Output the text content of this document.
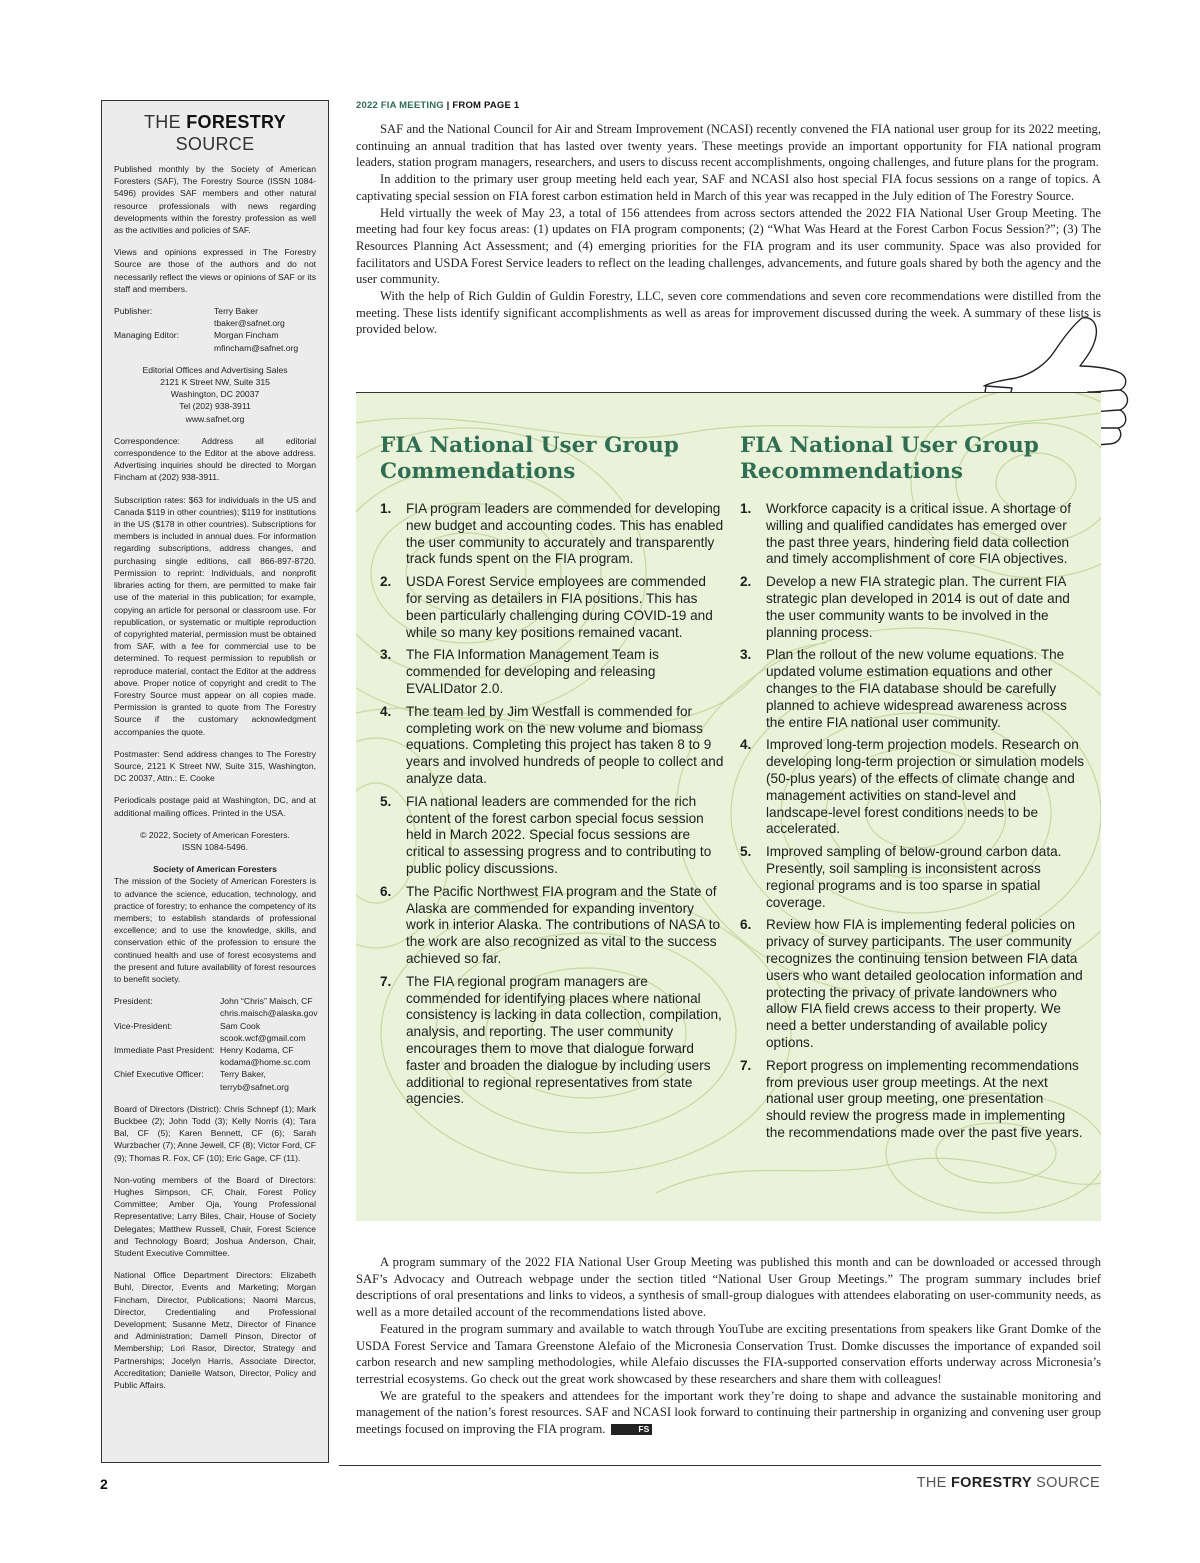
THE FORESTRY SOURCE

Published monthly by the Society of American Foresters (SAF), The Forestry Source (ISSN 1084-5496) provides SAF members and other natural resource professionals with news regarding developments within the forestry profession as well as the activities and policies of SAF.

Views and opinions expressed in The Forestry Source are those of the authors and do not necessarily reflect the views or opinions of SAF or its staff and members.

Publisher:	Terry Baker
tbaker@safnet.org
Managing Editor:	Morgan Fincham
mfincham@safnet.org

Editorial Offices and Advertising Sales
2121 K Street NW, Suite 315
Washington, DC 20037
Tel (202) 938-3911
www.safnet.org

Correspondence: Address all editorial correspondence to the Editor at the above address. Advertising inquiries should be directed to Morgan Fincham at (202) 938-3911.

Subscription rates: $63 for individuals in the US and Canada $119 in other countries); $119 for institutions in the US ($178 in other countries). Subscriptions for members is included in annual dues. For information regarding subscriptions, address changes, and purchasing single editions, call 866-897-8720. Permission to reprint: Individuals, and nonprofit libraries acting for them, are permitted to make fair use of the material in this publication; for example, copying an article for personal or classroom use. For republication, or systematic or multiple reproduction of copyrighted material, permission must be obtained from SAF, with a fee for commercial use to be determined. To request permission to republish or reproduce material, contact the Editor at the address above. Proper notice of copyright and credit to The Forestry Source must appear on all copies made. Permission is granted to quote from The Forestry Source if the customary acknowledgment accompanies the quote.

Postmaster: Send address changes to The Forestry Source, 2121 K Street NW, Suite 315, Washington, DC 20037, Attn.: E. Cooke

Periodicals postage paid at Washington, DC, and at additional mailing offices. Printed in the USA.

© 2022, Society of American Foresters.
ISSN 1084-5496.

Society of American Foresters

The mission of the Society of American Foresters is to advance the science, education, technology, and practice of forestry; to enhance the competency of its members; to establish standards of professional excellence; and to use the knowledge, skills, and conservation ethic of the profession to ensure the continued health and use of forest ecosystems and the present and future availability of forest resources to benefit society.

President:	John “Chris” Maisch, CF
chris.maisch@alaska.gov
Vice-President:	Sam Cook
scook.wcf@gmail.com
Immediate Past President: Henry Kodama, CF
kodama@home.sc.com
Chief Executive Officer:	Terry Baker,
terryb@safnet.org

Board of Directors (District): Chris Schnepf (1); Mark Buckbee (2); John Todd (3); Kelly Norris (4); Tara Bal, CF (5); Karen Bennett, CF (6); Sarah Wurzbacher (7); Anne Jewell, CF (8); Victor Ford, CF (9); Thomas R. Fox, CF (10); Eric Gage, CF (11).

Non-voting members of the Board of Directors: Hughes Simpson, CF, Chair, Forest Policy Committee; Amber Oja, Young Professional Representative; Larry Biles, Chair, House of Society Delegates; Matthew Russell, Chair, Forest Science and Technology Board; Joshua Anderson, Chair, Student Executive Committee.

National Office Department Directors: Elizabeth Buhl, Director, Events and Marketing; Morgan Fincham, Director, Publications; Naomi Marcus, Director, Credentialing and Professional Development; Susanne Metz, Director of Finance and Administration; Darnell Pinson, Director of Membership; Lori Rasor, Director, Strategy and Partnerships; Jocelyn Harris, Associate Director, Accreditation; Danielle Watson, Director, Policy and Public Affairs.

2022 FIA MEETING | FROM PAGE 1

SAF and the National Council for Air and Stream Improvement (NCASI) recently convened the FIA national user group for its 2022 meeting, continuing an annual tradition that has lasted over twenty years. These meetings provide an important opportunity for FIA national program leaders, station program managers, researchers, and users to discuss recent accomplishments, ongoing challenges, and future plans for the program.

In addition to the primary user group meeting held each year, SAF and NCASI also host special FIA focus sessions on a range of topics. A captivating special session on FIA forest carbon estimation held in March of this year was recapped in the July edition of The Forestry Source.

Held virtually the week of May 23, a total of 156 attendees from across sectors attended the 2022 FIA National User Group Meeting. The meeting had four key focus areas: (1) updates on FIA program components; (2) “What Was Heard at the Forest Carbon Focus Session?”; (3) The Resources Planning Act Assessment; and (4) emerging priorities for the FIA program and its user community. Space was also provided for facilitators and USDA Forest Service leaders to reflect on the leading challenges, advancements, and future goals shared by both the agency and the user community.

With the help of Rich Guldin of Guldin Forestry, LLC, seven core commendations and seven core recommendations were distilled from the meeting. These lists identify significant accomplishments as well as areas for improvement discussed during the week. A summary of these lists is provided below.

FIA National User Group Commendations
1. FIA program leaders are commended for developing new budget and accounting codes. This has enabled the user community to accurately and transparently track funds spent on the FIA program.
2. USDA Forest Service employees are commended for serving as detailers in FIA positions. This has been particularly challenging during COVID-19 and while so many key positions remained vacant.
3. The FIA Information Management Team is commended for developing and releasing EVALIDator 2.0.
4. The team led by Jim Westfall is commended for completing work on the new volume and biomass equations. Completing this project has taken 8 to 9 years and involved hundreds of people to collect and analyze data.
5. FIA national leaders are commended for the rich content of the forest carbon special focus session held in March 2022. Special focus sessions are critical to assessing progress and to contributing to public policy discussions.
6. The Pacific Northwest FIA program and the State of Alaska are commended for expanding inventory work in interior Alaska. The contributions of NASA to the work are also recognized as vital to the success achieved so far.
7. The FIA regional program managers are commended for identifying places where national consistency is lacking in data collection, compilation, analysis, and reporting. The user community encourages them to move that dialogue forward faster and broaden the dialogue by including users additional to regional representatives from state agencies.
FIA National User Group Recommendations
1. Workforce capacity is a critical issue. A shortage of willing and qualified candidates has emerged over the past three years, hindering field data collection and timely accomplishment of core FIA objectives.
2. Develop a new FIA strategic plan. The current FIA strategic plan developed in 2014 is out of date and the user community wants to be involved in the planning process.
3. Plan the rollout of the new volume equations. The updated volume estimation equations and other changes to the FIA database should be carefully planned to achieve widespread awareness across the entire FIA national user community.
4. Improved long-term projection models. Research on developing long-term projection or simulation models (50-plus years) of the effects of climate change and management activities on stand-level and landscape-level forest conditions needs to be accelerated.
5. Improved sampling of below-ground carbon data. Presently, soil sampling is inconsistent across regional programs and is too sparse in spatial coverage.
6. Review how FIA is implementing federal policies on privacy of survey participants. The user community recognizes the continuing tension between FIA data users who want detailed geolocation information and protecting the privacy of private landowners who allow FIA field crews access to their property. We need a better understanding of available policy options.
7. Report progress on implementing recommendations from previous user group meetings. At the next national user group meeting, one presentation should review the progress made in implementing the recommendations made over the past five years.

A program summary of the 2022 FIA National User Group Meeting was published this month and can be downloaded or accessed through SAF’s Advocacy and Outreach webpage under the section titled “National User Group Meetings.” The program summary includes brief descriptions of oral presentations and links to videos, a synthesis of small-group dialogues with attendees elaborating on user-community needs, as well as a more detailed account of the recommendations listed above.

Featured in the program summary and available to watch through YouTube are exciting presentations from speakers like Grant Domke of the USDA Forest Service and Tamara Greenstone Alefaio of the Micronesia Conservation Trust. Domke discusses the importance of expanded soil carbon research and new sampling methodologies, while Alefaio discusses the FIA-supported conservation efforts underway across Micronesia’s terrestrial ecosystems. Go check out the great work showcased by these researchers and share them with colleagues!

We are grateful to the speakers and attendees for the important work they’re doing to shape and advance the sustainable monitoring and management of the nation’s forest resources. SAF and NCASI look forward to continuing their partnership in organizing and convening user group meetings focused on improving the FIA program.	FS

2	THE FORESTRY SOURCE
